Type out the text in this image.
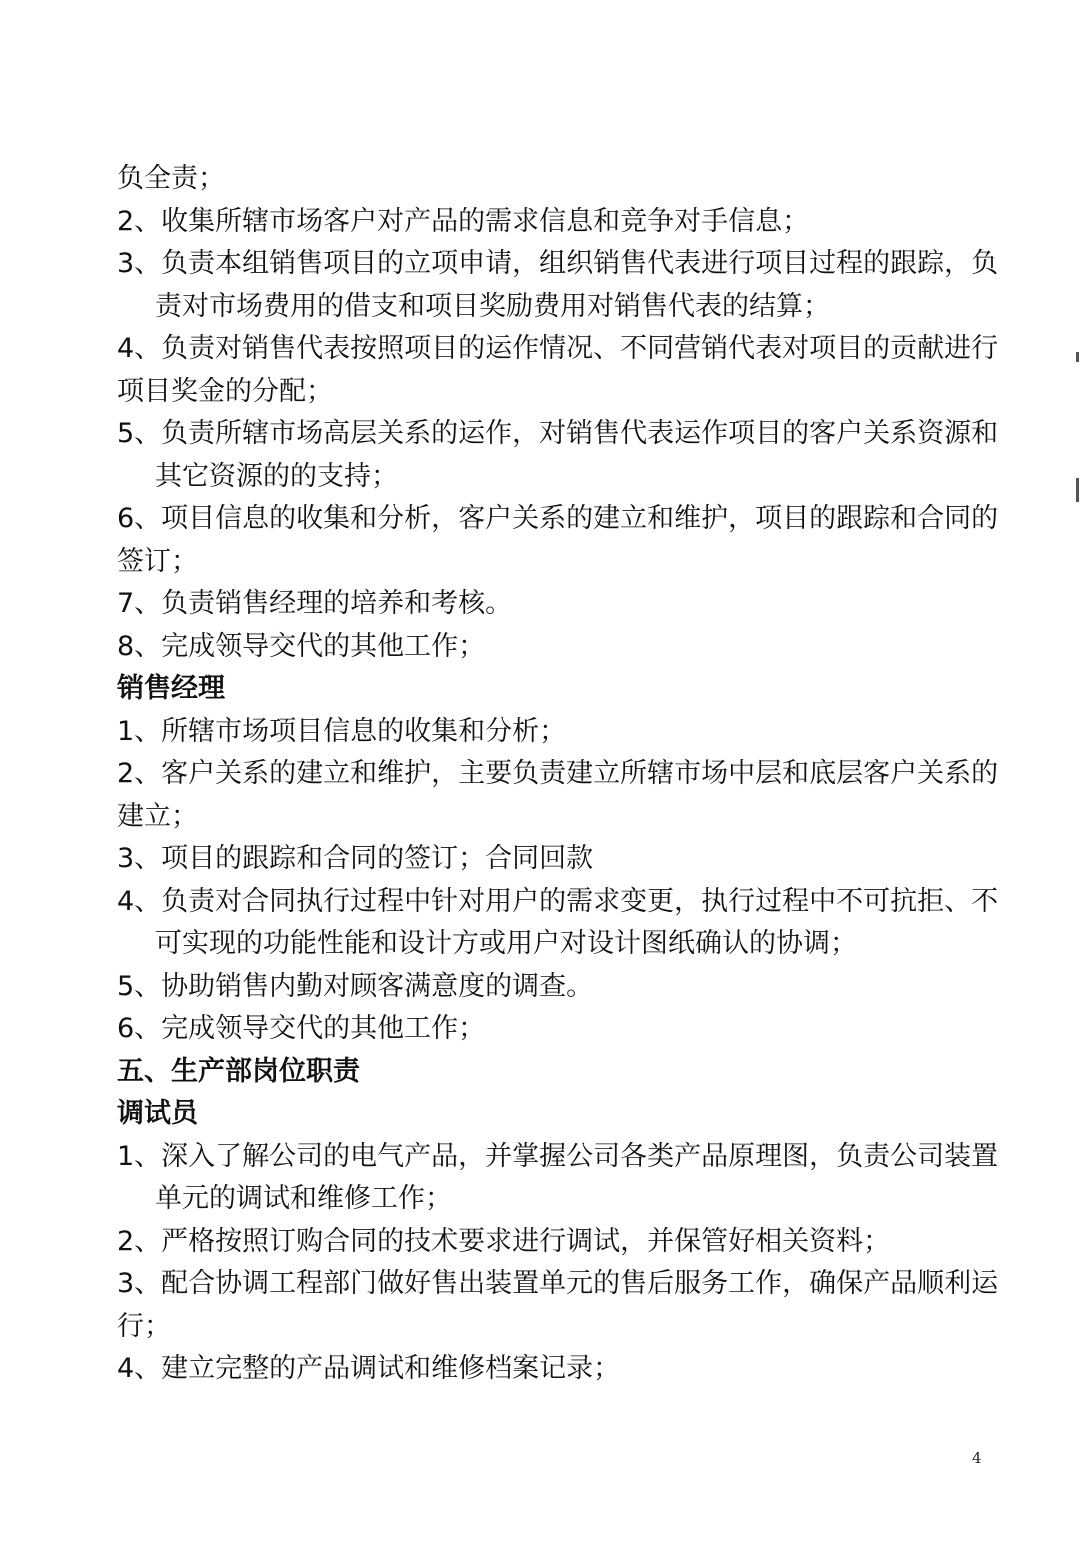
负全责；
2、收集所辖市场客户对产品的需求信息和竞争对手信息；
3、负责本组销售项目的立项申请，组织销售代表进行项目过程的跟踪，负
责对市场费用的借支和项目奖励费用对销售代表的结算；
4、负责对销售代表按照项目的运作情况、不同营销代表对项目的贡献进行
项目奖金的分配；
5、负责所辖市场高层关系的运作，对销售代表运作项目的客户关系资源和
其它资源的的支持；
6、项目信息的收集和分析，客户关系的建立和维护，项目的跟踪和合同的
签订；
7、负责销售经理的培养和考核。
8、完成领导交代的其他工作；
销售经理
1、所辖市场项目信息的收集和分析；
2、客户关系的建立和维护，主要负责建立所辖市场中层和底层客户关系的
建立；
3、项目的跟踪和合同的签订；合同回款
4、负责对合同执行过程中针对用户的需求变更，执行过程中不可抗拒、不
可实现的功能性能和设计方或用户对设计图纸确认的协调；
5、协助销售内勤对顾客满意度的调查。
6、完成领导交代的其他工作；
五、生产部岗位职责
调试员
1、深入了解公司的电气产品，并掌握公司各类产品原理图，负责公司装置
单元的调试和维修工作；
2、严格按照订购合同的技术要求进行调试，并保管好相关资料；
3、配合协调工程部门做好售出装置单元的售后服务工作，确保产品顺利运
行；
4、建立完整的产品调试和维修档案记录；
4
